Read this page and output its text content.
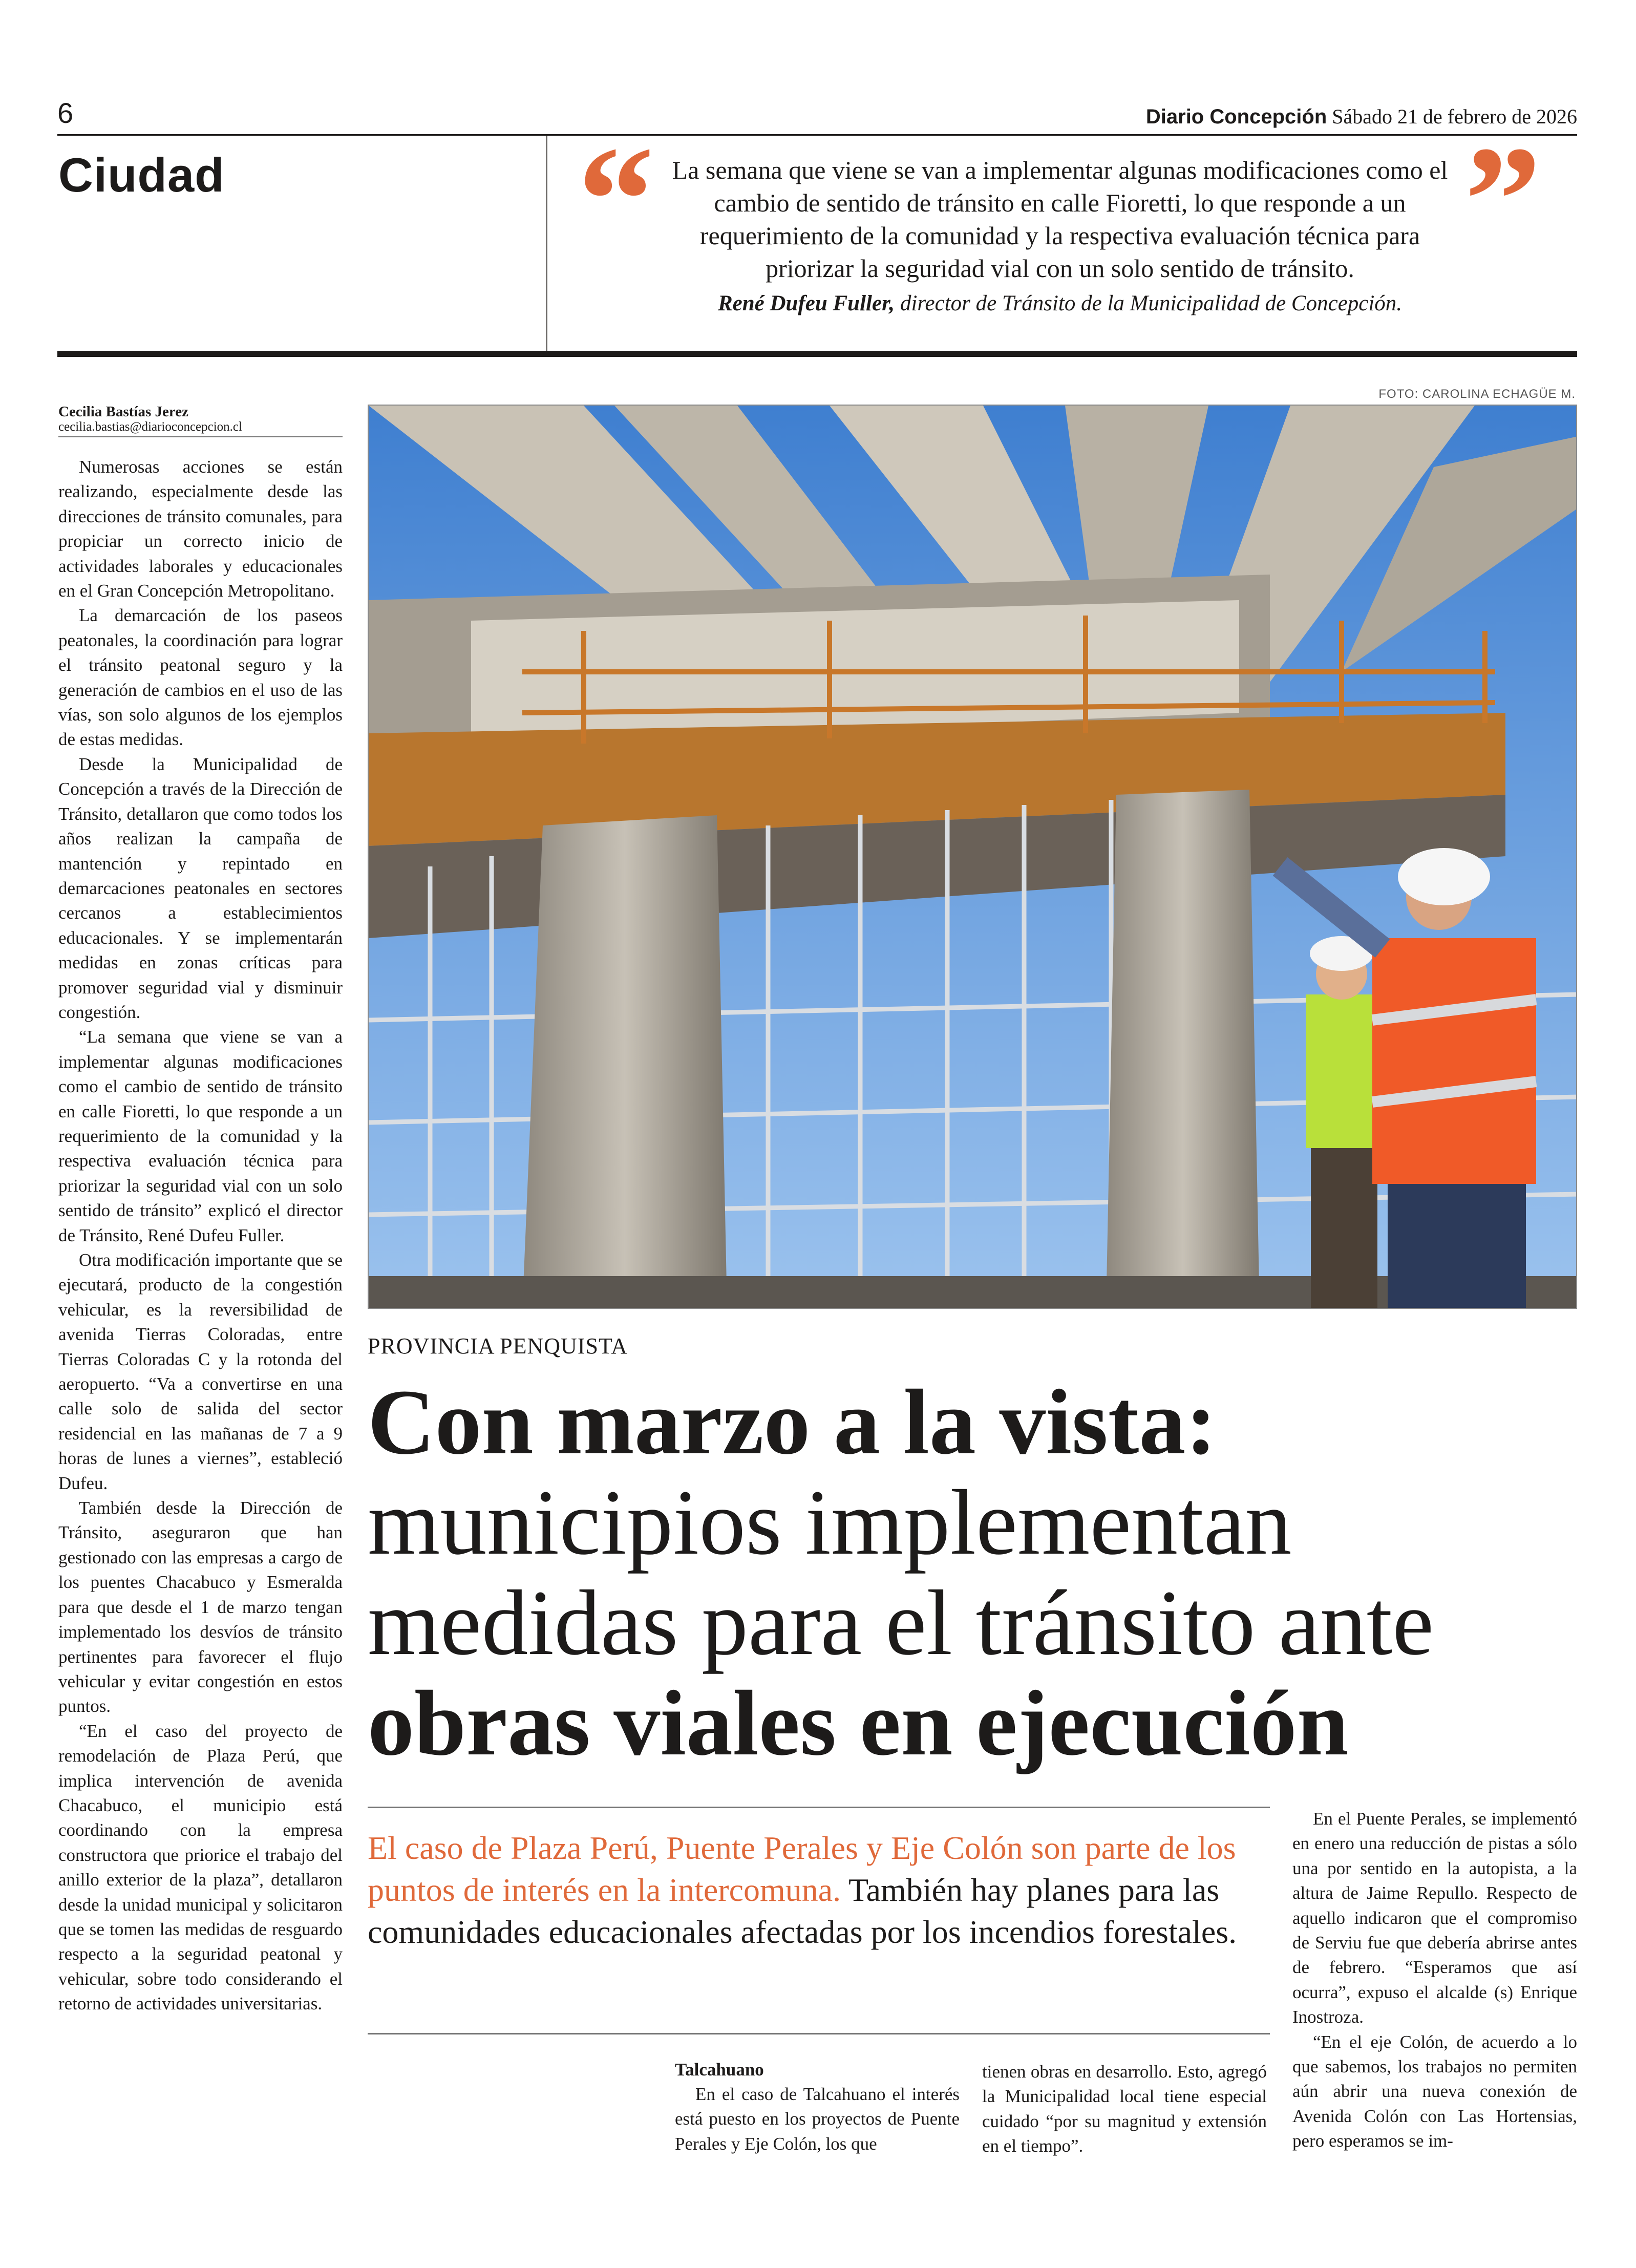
6	Diario Concepción Sábado 21 de febrero de 2026
Ciudad “ La semana que viene se van a implementar algunas modificaciones como el cambio de sentido de tránsito en calle Fioretti, lo que responde a un requerimiento de la comunidad y la respectiva evaluación técnica para priorizar la seguridad vial con un solo sentido de tránsito. ”
René Dufeu Fuller, director de Tránsito de la Municipalidad de Concepción.
Cecilia Bastías Jerez
cecilia.bastias@diarioconcepcion.cl

Numerosas acciones se están realizando, especialmente desde las direcciones de tránsito comunales, para propiciar un correcto inicio de actividades laborales y educacionales en el Gran Concepción Metropolitano.

La demarcación de los paseos peatonales, la coordinación para lograr el tránsito peatonal seguro y la generación de cambios en el uso de las vías, son solo algunos de los ejemplos de estas medidas.

Desde la Municipalidad de Concepción a través de la Dirección de Tránsito, detallaron que como todos los años realizan la campaña de mantención y repintado en demarcaciones peatonales en sectores cercanos a establecimientos educacionales. Y se implementarán medidas en zonas críticas para promover seguridad vial y disminuir congestión.

“La semana que viene se van a implementar algunas modificaciones como el cambio de sentido de tránsito en calle Fioretti, lo que responde a un requerimiento de la comunidad y la respectiva evaluación técnica para priorizar la seguridad vial con un solo sentido de tránsito” explicó el director de Tránsito, René Dufeu Fuller.

Otra modificación importante que se ejecutará, producto de la congestión vehicular, es la reversibilidad de avenida Tierras Coloradas, entre Tierras Coloradas C y la rotonda del aeropuerto. “Va a convertirse en una calle solo de salida del sector residencial en las mañanas de 7 a 9 horas de lunes a viernes”, estableció Dufeu.

También desde la Dirección de Tránsito, aseguraron que han gestionado con las empresas a cargo de los puentes Chacabuco y Esmeralda para que desde el 1 de marzo tengan implementado los desvíos de tránsito pertinentes para favorecer el flujo vehicular y evitar congestión en estos puntos.

“En el caso del proyecto de remodelación de Plaza Perú, que implica intervención de avenida Chacabuco, el municipio está coordinando con la empresa constructora que priorice el trabajo del anillo exterior de la plaza”, detallaron desde la unidad municipal y solicitaron que se tomen las medidas de resguardo respecto a la seguridad peatonal y vehicular, sobre todo considerando el retorno de actividades universitarias.

FOTO: CAROLINA ECHAGÜE M.
PROVINCIA PENQUISTA
Con marzo a la vista:
municipios implementan
medidas para el tránsito ante
obras viales en ejecución
El caso de Plaza Perú, Puente Perales y Eje Colón son parte de los puntos de interés en la intercomuna. También hay planes para las comunidades educacionales afectadas por los incendios forestales.
Talcahuano

En el caso de Talcahuano el interés está puesto en los proyectos de Puente Perales y Eje Colón, los que

tienen obras en desarrollo. Esto, agregó la Municipalidad local tiene especial cuidado “por su magnitud y extensión en el tiempo”.

En el Puente Perales, se implementó en enero una reducción de pistas a sólo una por sentido en la autopista, a la altura de Jaime Repullo. Respecto de aquello indicaron que el compromiso de Serviu fue que debería abrirse antes de febrero. “Esperamos que así ocurra”, expuso el alcalde (s) Enrique Inostroza.

“En el eje Colón, de acuerdo a lo que sabemos, los trabajos no permiten aún abrir una nueva conexión de Avenida Colón con Las Hortensias, pero esperamos se im-
